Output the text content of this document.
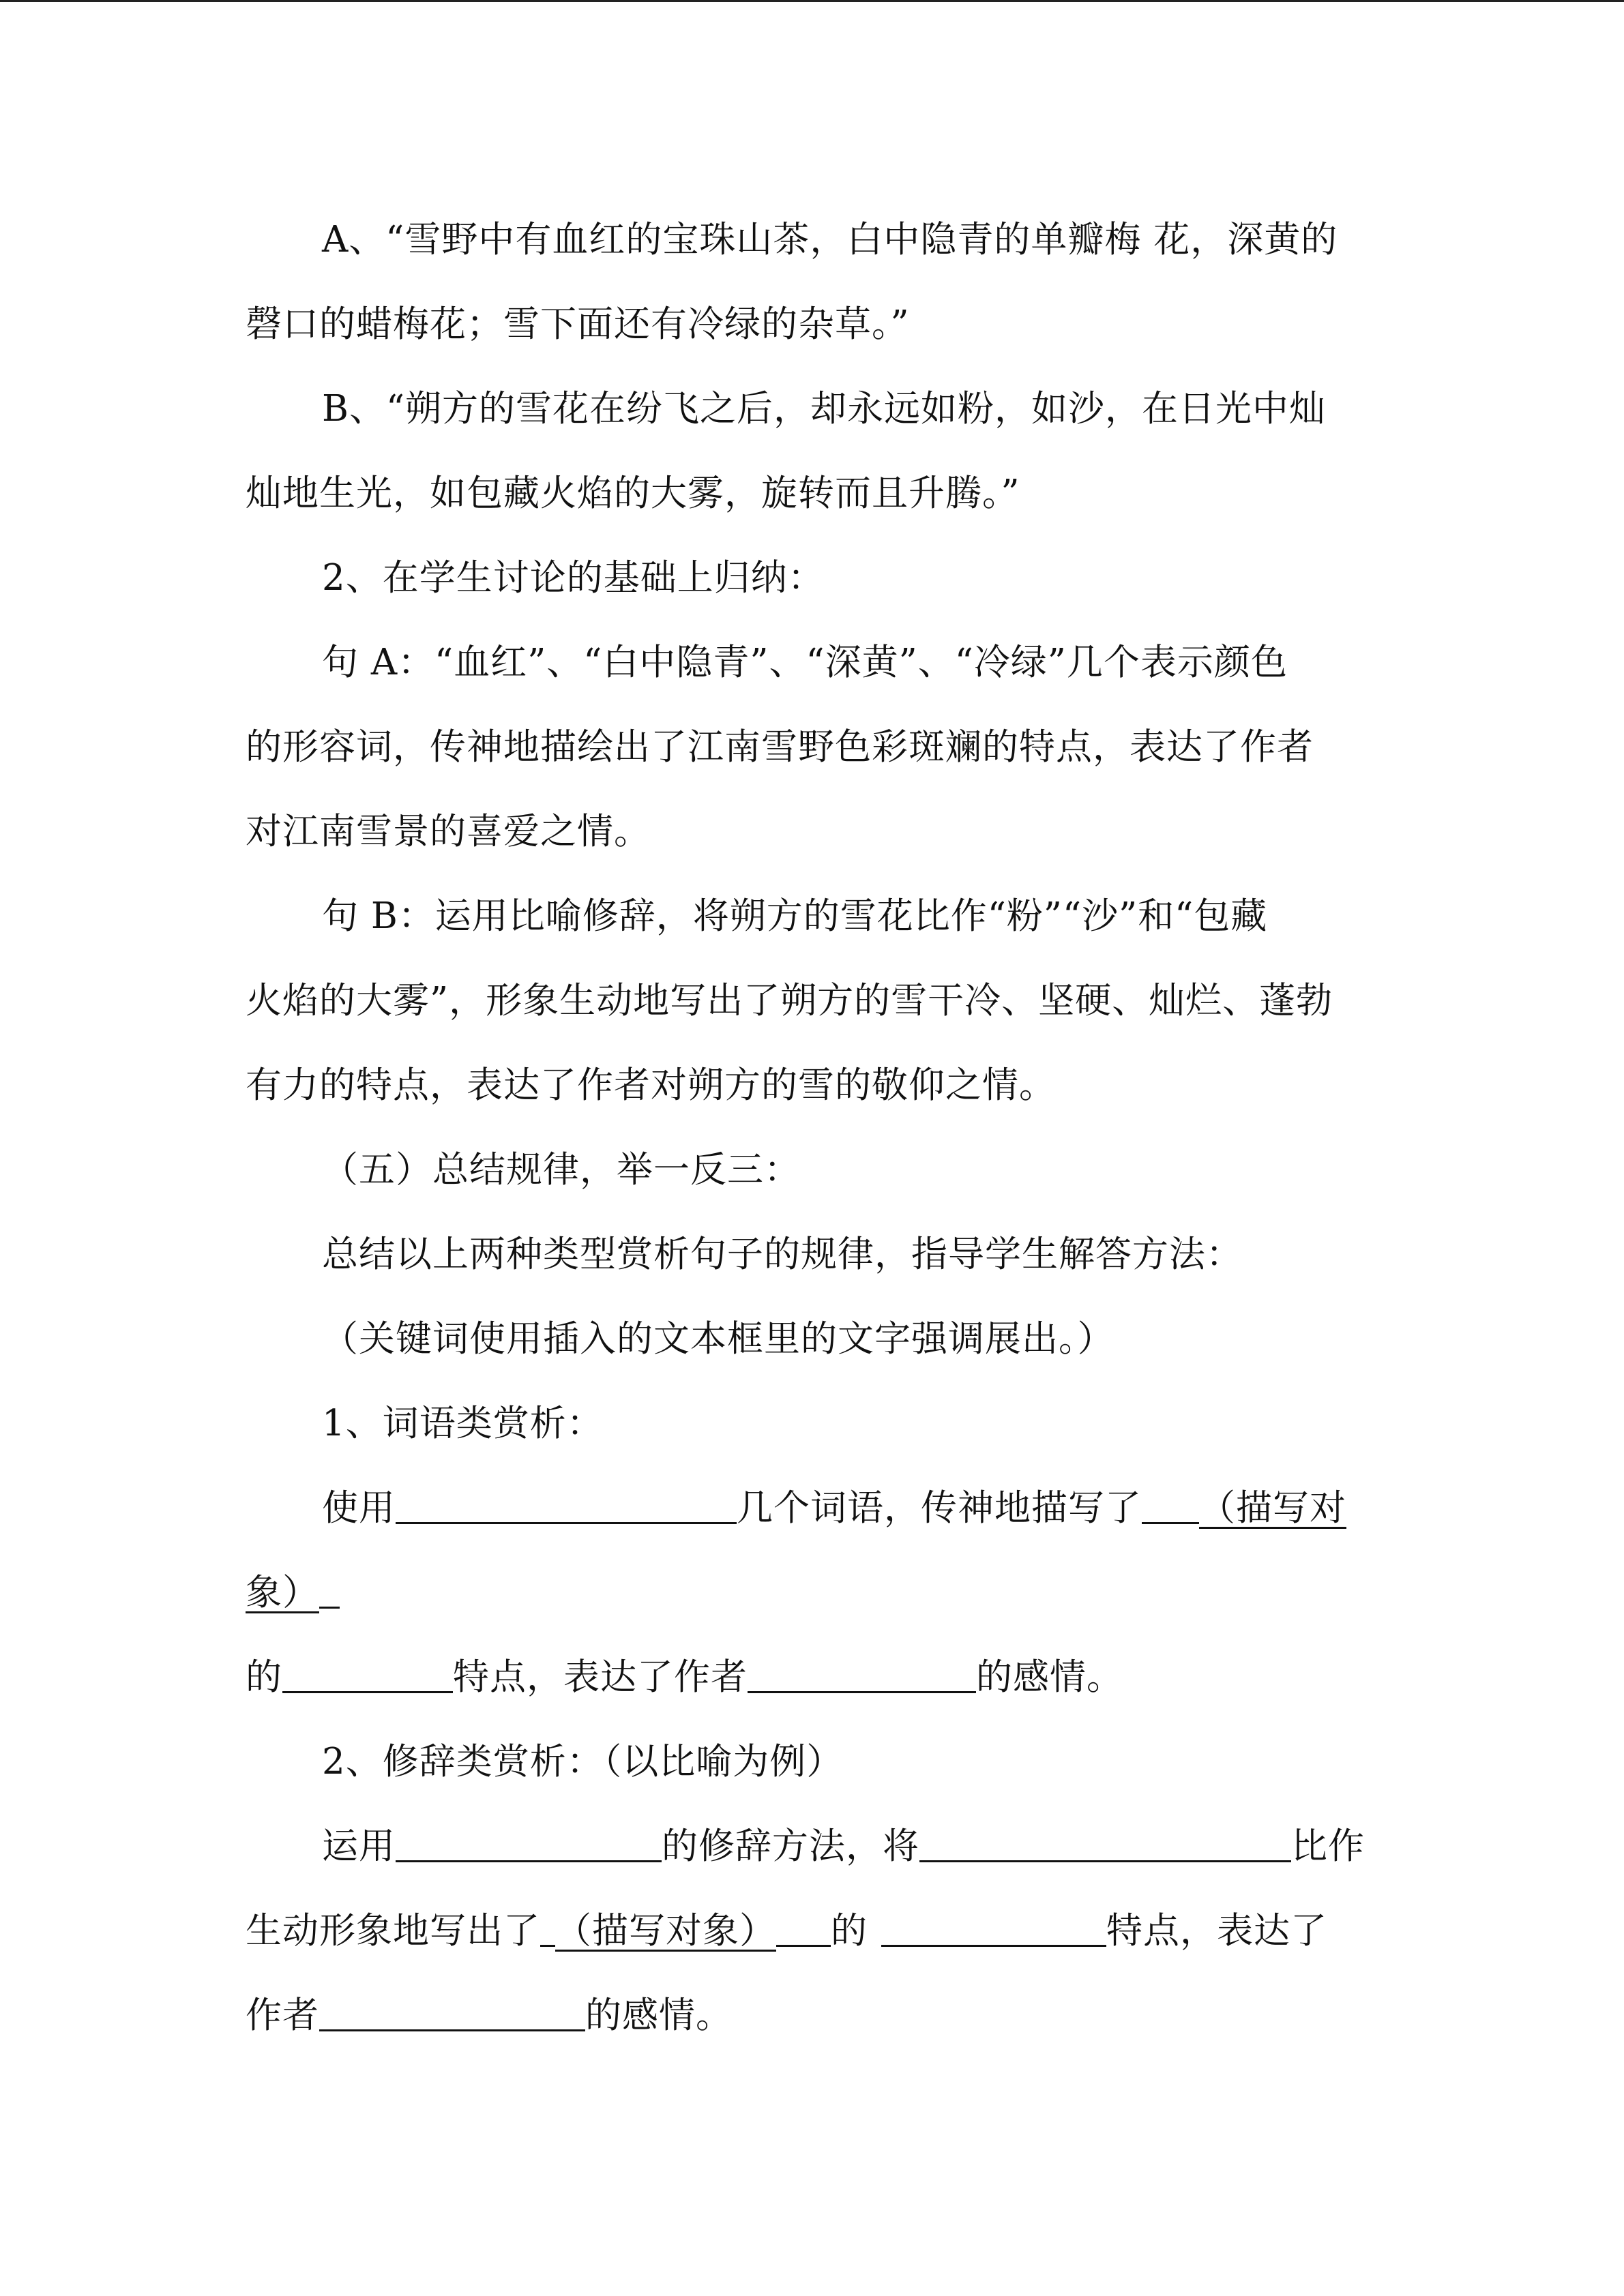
A、“雪野中有血红的宝珠山茶，白中隐青的单瓣梅 花，深黄的
磬口的蜡梅花；雪下面还有冷绿的杂草。”
B、“朔方的雪花在纷飞之后，却永远如粉，如沙，在日光中灿
灿地生光，如包藏火焰的大雾，旋转而且升腾。”
2、在学生讨论的基础上归纳：
句 A：“血红”、“白中隐青”、“深黄”、“冷绿”几个表示颜色
的形容词，传神地描绘出了江南雪野色彩斑斓的特点，表达了作者
对江南雪景的喜爱之情。
句 B：运用比喻修辞，将朔方的雪花比作“粉”“沙”和“包藏
火焰的大雾”，形象生动地写出了朔方的雪干冷、坚硬、灿烂、蓬勃
有力的特点，表达了作者对朔方的雪的敬仰之情。
（五）总结规律，举一反三：
总结以上两种类型赏析句子的规律，指导学生解答方法：
（关键词使用插入的文本框里的文字强调展出。）
1、词语类赏析：
使用	几个词语，传神地描写了 （描写对
象）
的	特点，表达了作者	的感情。
2、修辞类赏析：（以比喻为例）
运用	的修辞方法，将	比作
生动形象地写出了 （描写对象） 的	特点，表达了
作者	的感情。
